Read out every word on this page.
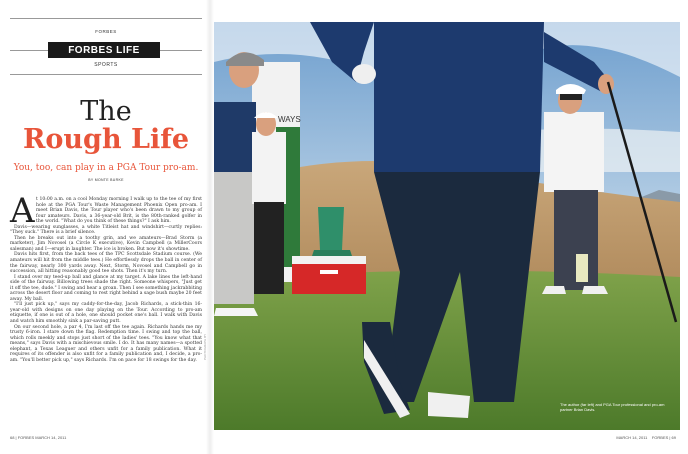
FORBES
FORBES LIFE
SPORTS
The
Rough Life
You, too, can play in a PGA Tour pro-am.
BY MONTE BURKE
A t 10:00 a.m. on a cool Monday morning I walk up to the tee of my first hole at the PGA Tour's Waste Management Phoenix Open pro-am. I meet Brian Davis, the Tour player who's been drawn to my group of four amateurs. Davis, a 36-year-old Brit, is the 80th-ranked golfer in the world. "What do you think of these things?" I ask him.

Davis—wearing sunglasses, a white Titleist hat and windshirt—curtly replies: "They suck." There is a brief silence.

Then he breaks out into a toothy grin, and we amateurs—Brad Storm (a marketer), Jim Novosel (a Circle K executive), Kevin Campbell (a MillerCoors salesman) and I—erupt in laughter. The ice is broken. But now it's showtime.

Davis hits first, from the back tees of the TPC Scottsdale Stadium course. (We amateurs will hit from the middle tees.) He effortlessly drops the ball in center of the fairway, nearly 300 yards away. Next, Storm, Novosel and Campbell go in succession, all hitting reasonably good tee shots. Then it's my turn.

I stand over my teed-up ball and glance at my target. A lake lines the left-hand side of the fairway. Billowing trees shade the right. Someone whispers, "Just get it off the tee, dude." I swing and hear a groan. Then I see something jackrabbiting across the desert floor and coming to rest right behind a sage bush maybe 20 feet away. My ball.

"I'll just pick up," says my caddy-for-the-day, Jacob Richards, a stick-thin 16-year-old with designs on one day playing on the Tour. According to pro-am etiquette, if one is out of a hole, one should pocket one's ball. I walk with Davis and watch him smoothly sink a par-saving putt.

On our second hole, a par 4, I'm last off the tee again. Richards hands me my trusty 6-iron. I stare down the flag. Redemption time. I swing and top the ball, which rolls meekly and stops just short of the ladies' tees. "You know what that means," says Davis with a mischievous smile. I do. It has many names—a spotted elephant, a Texas Leaguer and others unfit for a family publication. What it requires of its offender is also unfit for a family publication and, I decide, a pro-am. "You'll better pick up," says Richards. I'm on pace for 18 swings for the day.

PHOTOGRAPH BY
WAYS
The author (far left) and PGA Tour professional and pro-am partner Brian Davis.
68 | FORBES MARCH 14, 2011	MARCH 14, 2011 FORBES | 69
